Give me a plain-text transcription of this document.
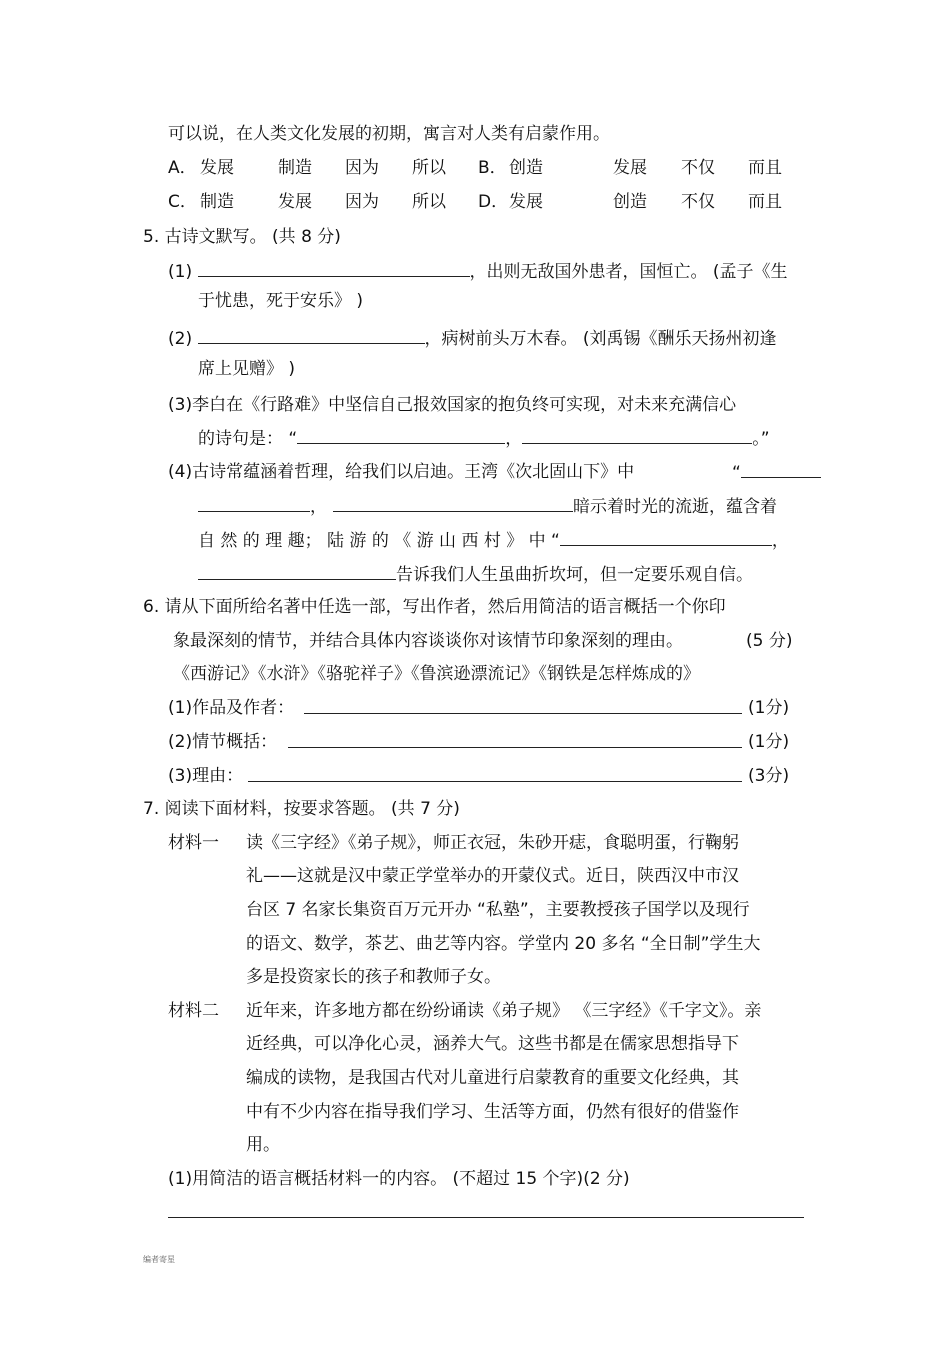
可以说，在人类文化发展的初期，寓言对人类有启蒙作用。
A． 发展	制造 因为 所以 B． 创造	发展 不仅 而且
C． 制造	发展 因为 所以 D． 发展	创造 不仅 而且
5. 古诗文默写。 (共 8 分)
(1)	，出则无敌国外患者，国恒亡。 (孟子《生
于忧患，死于安乐》 )
(2)	，病树前头万木春。 (刘禹锡《酬乐天扬州初逢
席上见赠》 )
(3)李白在《行路难》中坚信自己报效国家的抱负终可实现，对未来充满信心
的诗句是： “	，	。”
(4)古诗常蕴涵着哲理，给我们以启迪。王湾《次北固山下》中	“
，	暗示着时光的流逝，蕴含着
自 然 的 理 趣； 陆 游 的 《 游 山 西 村 》 中 “	，
告诉我们人生虽曲折坎坷，但一定要乐观自信。
6. 请从下面所给名著中任选一部，写出作者，然后用简洁的语言概括一个你印
象最深刻的情节，并结合具体内容谈谈你对该情节印象深刻的理由。	(5 分)
《西游记》《水浒》《骆驼祥子》《鲁滨逊漂流记》《钢铁是怎样炼成的》
(1)作品及作者：	(1分)
(2)情节概括：	(1分)
(3)理由：	(3分)
7. 阅读下面材料，按要求答题。 (共 7 分)
材料一 读《三字经》《弟子规》，师正衣冠，朱砂开痣，食聪明蛋，行鞠躬
礼——这就是汉中蒙正学堂举办的开蒙仪式。近日，陕西汉中市汉
台区 7 名家长集资百万元开办 “私塾”，主要教授孩子国学以及现行
的语文、数学，茶艺、曲艺等内容。学堂内 20 多名 “全日制”学生大
多是投资家长的孩子和教师子女。
材料二 近年来，许多地方都在纷纷诵读《弟子规》 《三字经》《千字文》。亲
近经典，可以净化心灵，涵养大气。这些书都是在儒家思想指导下
编成的读物，是我国古代对儿童进行启蒙教育的重要文化经典，其
中有不少内容在指导我们学习、生活等方面，仍然有很好的借鉴作
用。
(1)用简洁的语言概括材料一的内容。 (不超过 15 个字)(2 分)
编者寄星
